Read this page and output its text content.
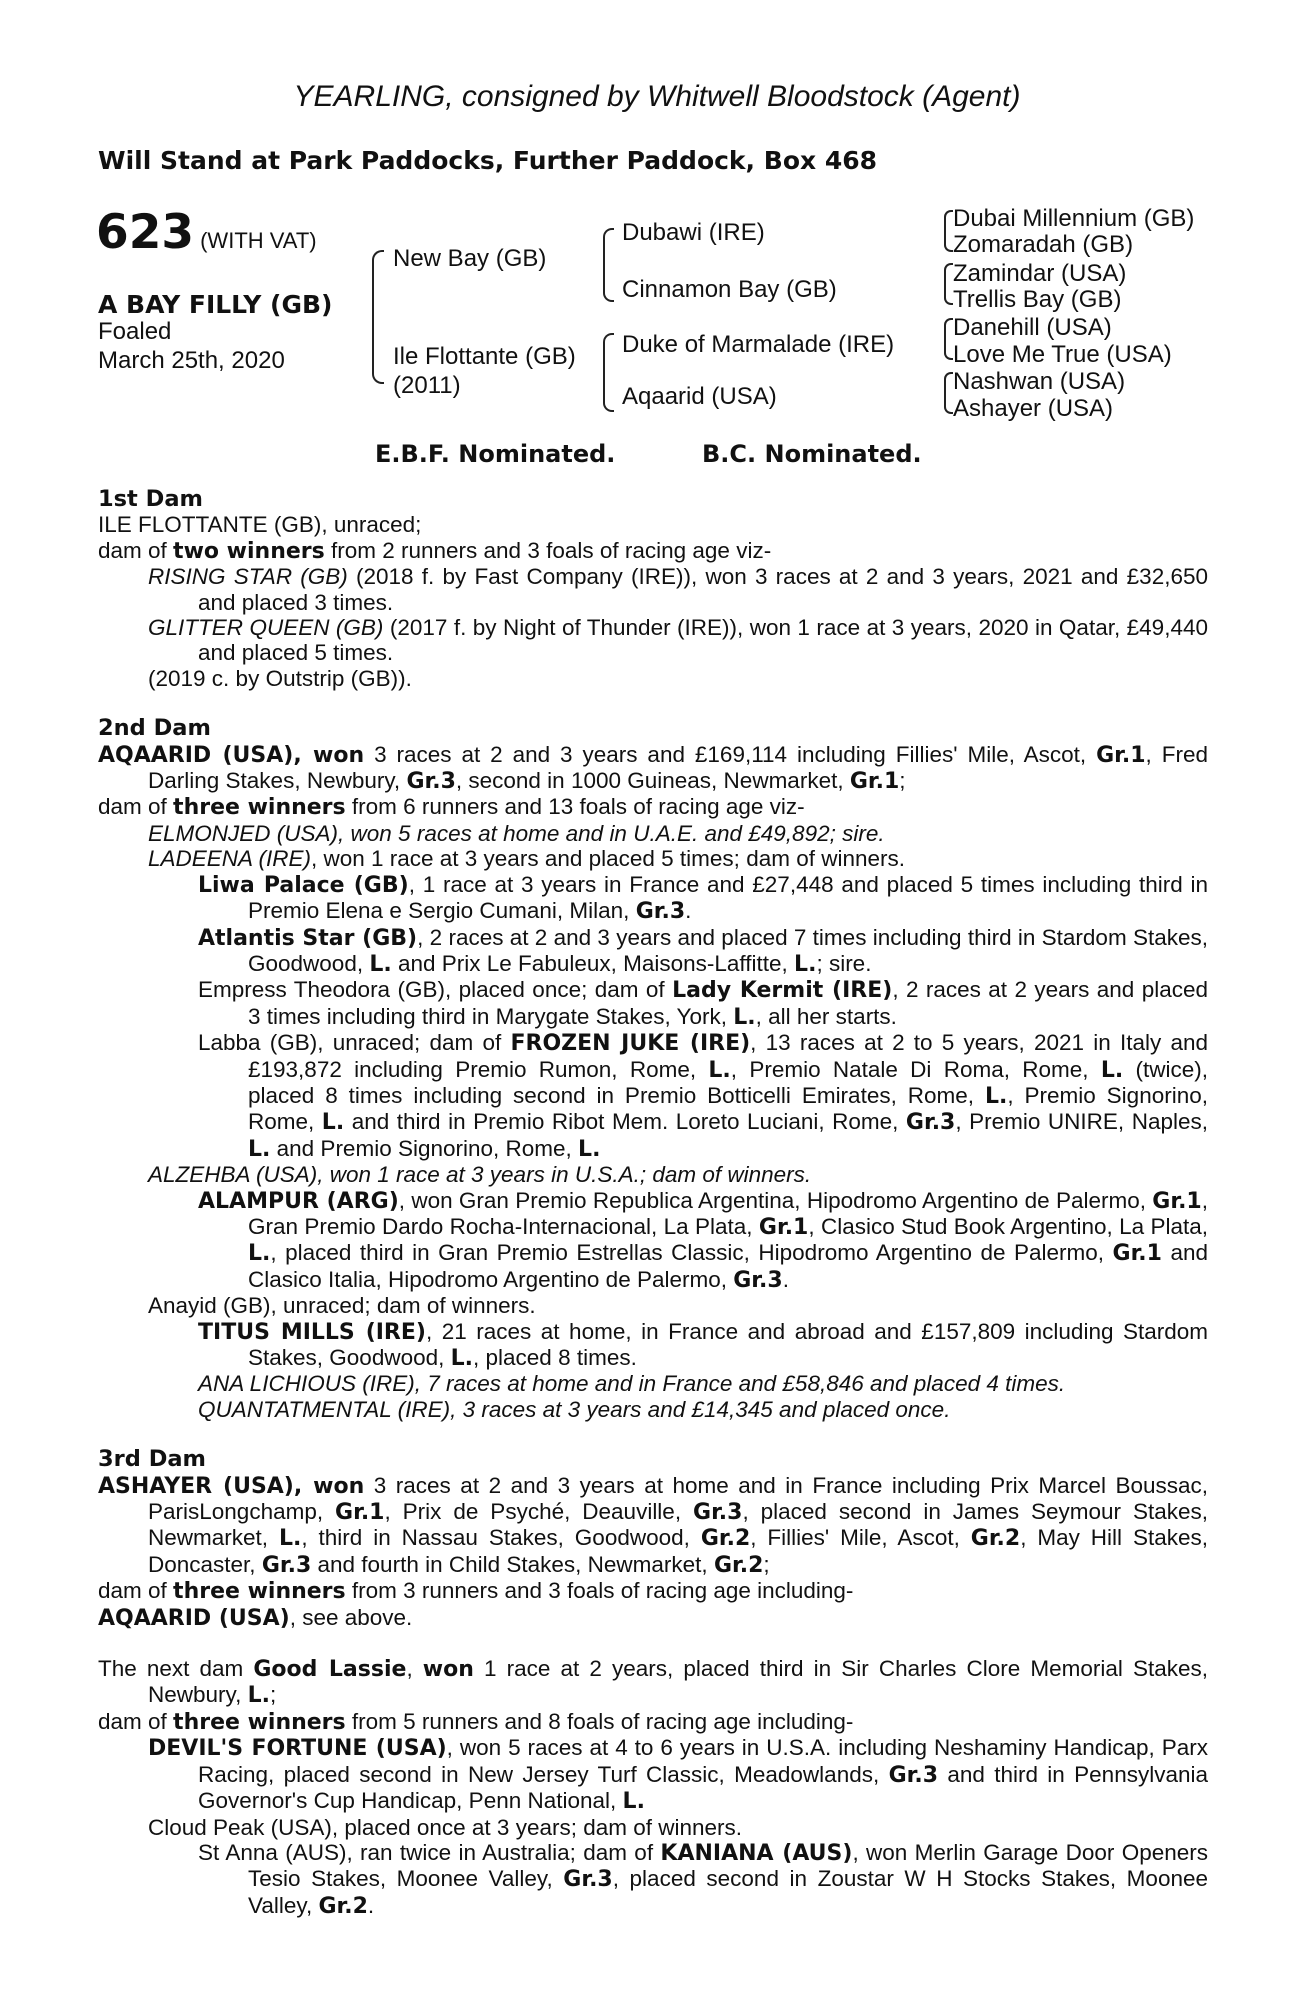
YEARLING, consigned by Whitwell Bloodstock (Agent)
Will Stand at Park Paddocks, Further Paddock, Box 468
623 (WITH VAT)
A BAY FILLY (GB)
Foaled
March 25th, 2020
New Bay (GB)
Ile Flottante (GB)
(2011)
Dubawi (IRE)
Cinnamon Bay (GB)
Duke of Marmalade (IRE)
Aqaarid (USA)
Dubai Millennium (GB)
Zomaradah (GB)
Zamindar (USA)
Trellis Bay (GB)
Danehill (USA)
Love Me True (USA)
Nashwan (USA)
Ashayer (USA)
E.B.F. Nominated.	B.C. Nominated.
1st Dam

ILE FLOTTANTE (GB), unraced;

dam of two winners from 2 runners and 3 foals of racing age viz-

RISING STAR (GB) (2018 f. by Fast Company (IRE)), won 3 races at 2 and 3 years, 2021 and £32,650 and placed 3 times.

GLITTER QUEEN (GB) (2017 f. by Night of Thunder (IRE)), won 1 race at 3 years, 2020 in Qatar, £49,440 and placed 5 times.

(2019 c. by Outstrip (GB)).

2nd Dam

AQAARID (USA), won 3 races at 2 and 3 years and £169,114 including Fillies' Mile, Ascot, Gr.1, Fred Darling Stakes, Newbury, Gr.3, second in 1000 Guineas, Newmarket, Gr.1;

dam of three winners from 6 runners and 13 foals of racing age viz-

ELMONJED (USA), won 5 races at home and in U.A.E. and £49,892; sire.

LADEENA (IRE), won 1 race at 3 years and placed 5 times; dam of winners.

Liwa Palace (GB), 1 race at 3 years in France and £27,448 and placed 5 times including third in Premio Elena e Sergio Cumani, Milan, Gr.3.

Atlantis Star (GB), 2 races at 2 and 3 years and placed 7 times including third in Stardom Stakes, Goodwood, L. and Prix Le Fabuleux, Maisons-Laffitte, L.; sire.

Empress Theodora (GB), placed once; dam of Lady Kermit (IRE), 2 races at 2 years and placed 3 times including third in Marygate Stakes, York, L., all her starts.

Labba (GB), unraced; dam of FROZEN JUKE (IRE), 13 races at 2 to 5 years, 2021 in Italy and £193,872 including Premio Rumon, Rome, L., Premio Natale Di Roma, Rome, L. (twice), placed 8 times including second in Premio Botticelli Emirates, Rome, L., Premio Signorino, Rome, L. and third in Premio Ribot Mem. Loreto Luciani, Rome, Gr.3, Premio UNIRE, Naples, L. and Premio Signorino, Rome, L.

ALZEHBA (USA), won 1 race at 3 years in U.S.A.; dam of winners.

ALAMPUR (ARG), won Gran Premio Republica Argentina, Hipodromo Argentino de Palermo, Gr.1, Gran Premio Dardo Rocha-Internacional, La Plata, Gr.1, Clasico Stud Book Argentino, La Plata, L., placed third in Gran Premio Estrellas Classic, Hipodromo Argentino de Palermo, Gr.1 and Clasico Italia, Hipodromo Argentino de Palermo, Gr.3.

Anayid (GB), unraced; dam of winners.

TITUS MILLS (IRE), 21 races at home, in France and abroad and £157,809 including Stardom Stakes, Goodwood, L., placed 8 times.

ANA LICHIOUS (IRE), 7 races at home and in France and £58,846 and placed 4 times.

QUANTATMENTAL (IRE), 3 races at 3 years and £14,345 and placed once.

3rd Dam

ASHAYER (USA), won 3 races at 2 and 3 years at home and in France including Prix Marcel Boussac, ParisLongchamp, Gr.1, Prix de Psyché, Deauville, Gr.3, placed second in James Seymour Stakes, Newmarket, L., third in Nassau Stakes, Goodwood, Gr.2, Fillies' Mile, Ascot, Gr.2, May Hill Stakes, Doncaster, Gr.3 and fourth in Child Stakes, Newmarket, Gr.2;

dam of three winners from 3 runners and 3 foals of racing age including-

AQAARID (USA), see above.

The next dam Good Lassie, won 1 race at 2 years, placed third in Sir Charles Clore Memorial Stakes, Newbury, L.;

dam of three winners from 5 runners and 8 foals of racing age including-

DEVIL'S FORTUNE (USA), won 5 races at 4 to 6 years in U.S.A. including Neshaminy Handicap, Parx Racing, placed second in New Jersey Turf Classic, Meadowlands, Gr.3 and third in Pennsylvania Governor's Cup Handicap, Penn National, L.

Cloud Peak (USA), placed once at 3 years; dam of winners.

St Anna (AUS), ran twice in Australia; dam of KANIANA (AUS), won Merlin Garage Door Openers Tesio Stakes, Moonee Valley, Gr.3, placed second in Zoustar W H Stocks Stakes, Moonee Valley, Gr.2.
